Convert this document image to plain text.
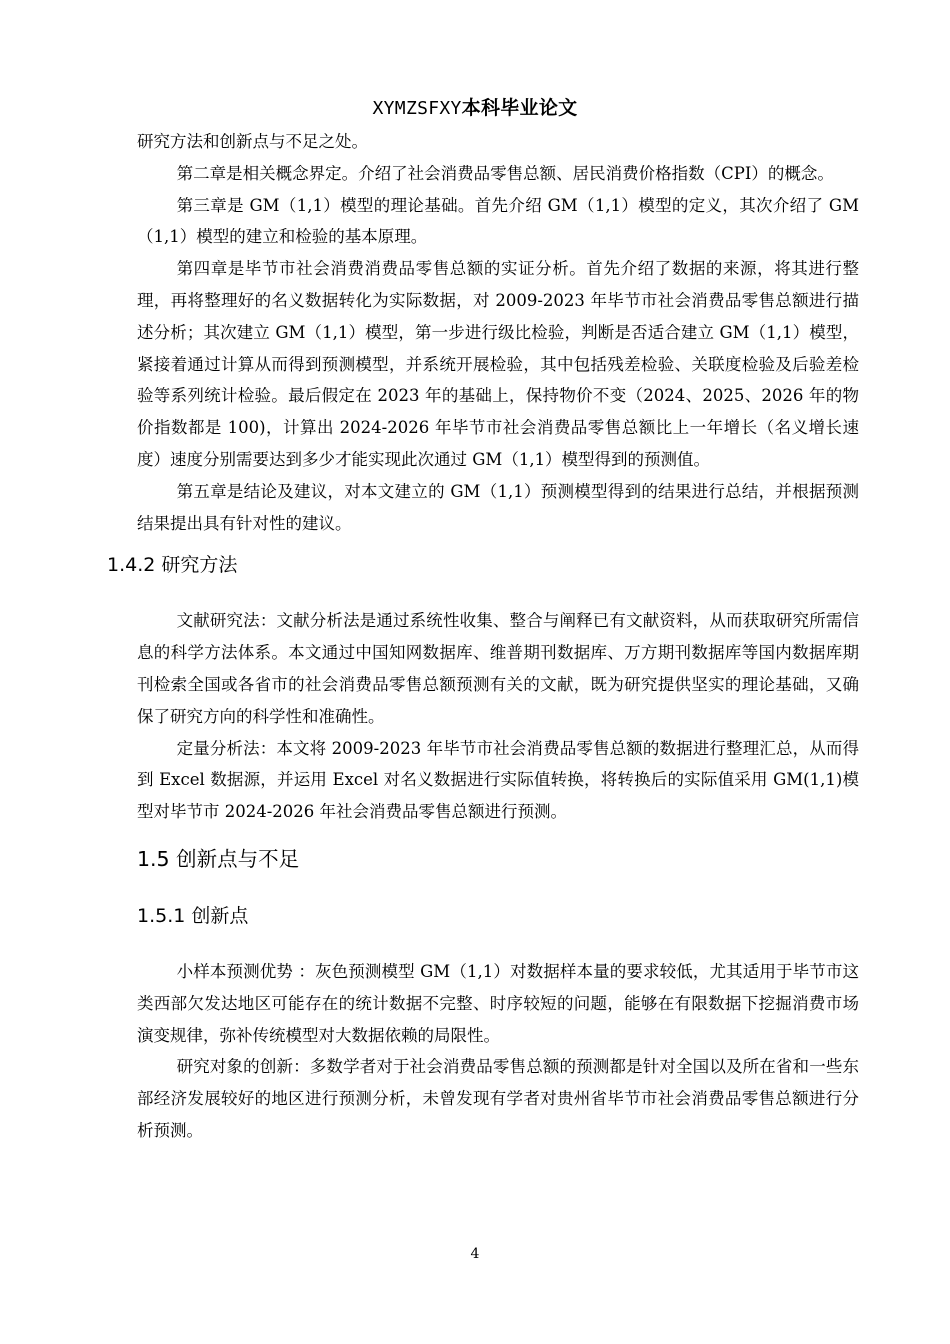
XYMZSFXY本科毕业论文

研究方法和创新点与不足之处。

第二章是相关概念界定。介绍了社会消费品零售总额、居民消费价格指数（CPI）的概念。

第三章是 GM（1,1）模型的理论基础。首先介绍 GM（1,1）模型的定义，其次介绍了 GM（1,1）模型的建立和检验的基本原理。

第四章是毕节市社会消费消费品零售总额的实证分析。首先介绍了数据的来源，将其进行整理，再将整理好的名义数据转化为实际数据，对 2009-2023 年毕节市社会消费品零售总额进行描述分析；其次建立 GM（1,1）模型，第一步进行级比检验，判断是否适合建立 GM（1,1）模型，紧接着通过计算从而得到预测模型，并系统开展检验，其中包括残差检验、关联度检验及后验差检验等系列统计检验。最后假定在 2023 年的基础上，保持物价不变（2024、2025、2026 年的物价指数都是 100)，计算出 2024-2026 年毕节市社会消费品零售总额比上一年增长（名义增长速度）速度分别需要达到多少才能实现此次通过 GM（1,1）模型得到的预测值。

第五章是结论及建议，对本文建立的 GM（1,1）预测模型得到的结果进行总结，并根据预测结果提出具有针对性的建议。

1.4.2 研究方法

文献研究法：文献分析法是通过系统性收集、整合与阐释已有文献资料，从而获取研究所需信息的科学方法体系。本文通过中国知网数据库、维普期刊数据库、万方期刊数据库等国内数据库期刊检索全国或各省市的社会消费品零售总额预测有关的文献，既为研究提供坚实的理论基础，又确保了研究方向的科学性和准确性。

定量分析法：本文将 2009-2023 年毕节市社会消费品零售总额的数据进行整理汇总，从而得到 Excel 数据源，并运用 Excel 对名义数据进行实际值转换，将转换后的实际值采用 GM(1,1)模型对毕节市 2024-2026 年社会消费品零售总额进行预测。

1.5 创新点与不足
1.5.1 创新点

小样本预测优势 ：灰色预测模型 GM（1,1）对数据样本量的要求较低，尤其适用于毕节市这类西部欠发达地区可能存在的统计数据不完整、时序较短的问题，能够在有限数据下挖掘消费市场演变规律，弥补传统模型对大数据依赖的局限性。

研究对象的创新：多数学者对于社会消费品零售总额的预测都是针对全国以及所在省和一些东部经济发展较好的地区进行预测分析，未曾发现有学者对贵州省毕节市社会消费品零售总额进行分析预测。

4
